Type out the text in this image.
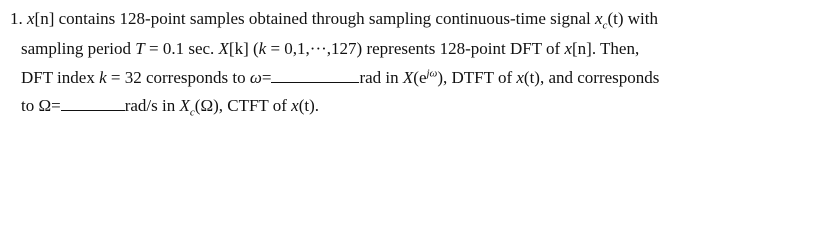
1. x[n] contains 128-point samples obtained through sampling continuous-time signal $x_c(t)$ with
sampling period T = 0.1 sec. X[k] (k = 0,1,···,127) represents 128-point DFT of x[n]. Then,
DFT index k = 32 corresponds to ω=	rad in $X(e^{j\omega})$, DTFT of x(t), and corresponds
to Ω=	rad/s in $X_c(\Omega)$, CTFT of x(t).
